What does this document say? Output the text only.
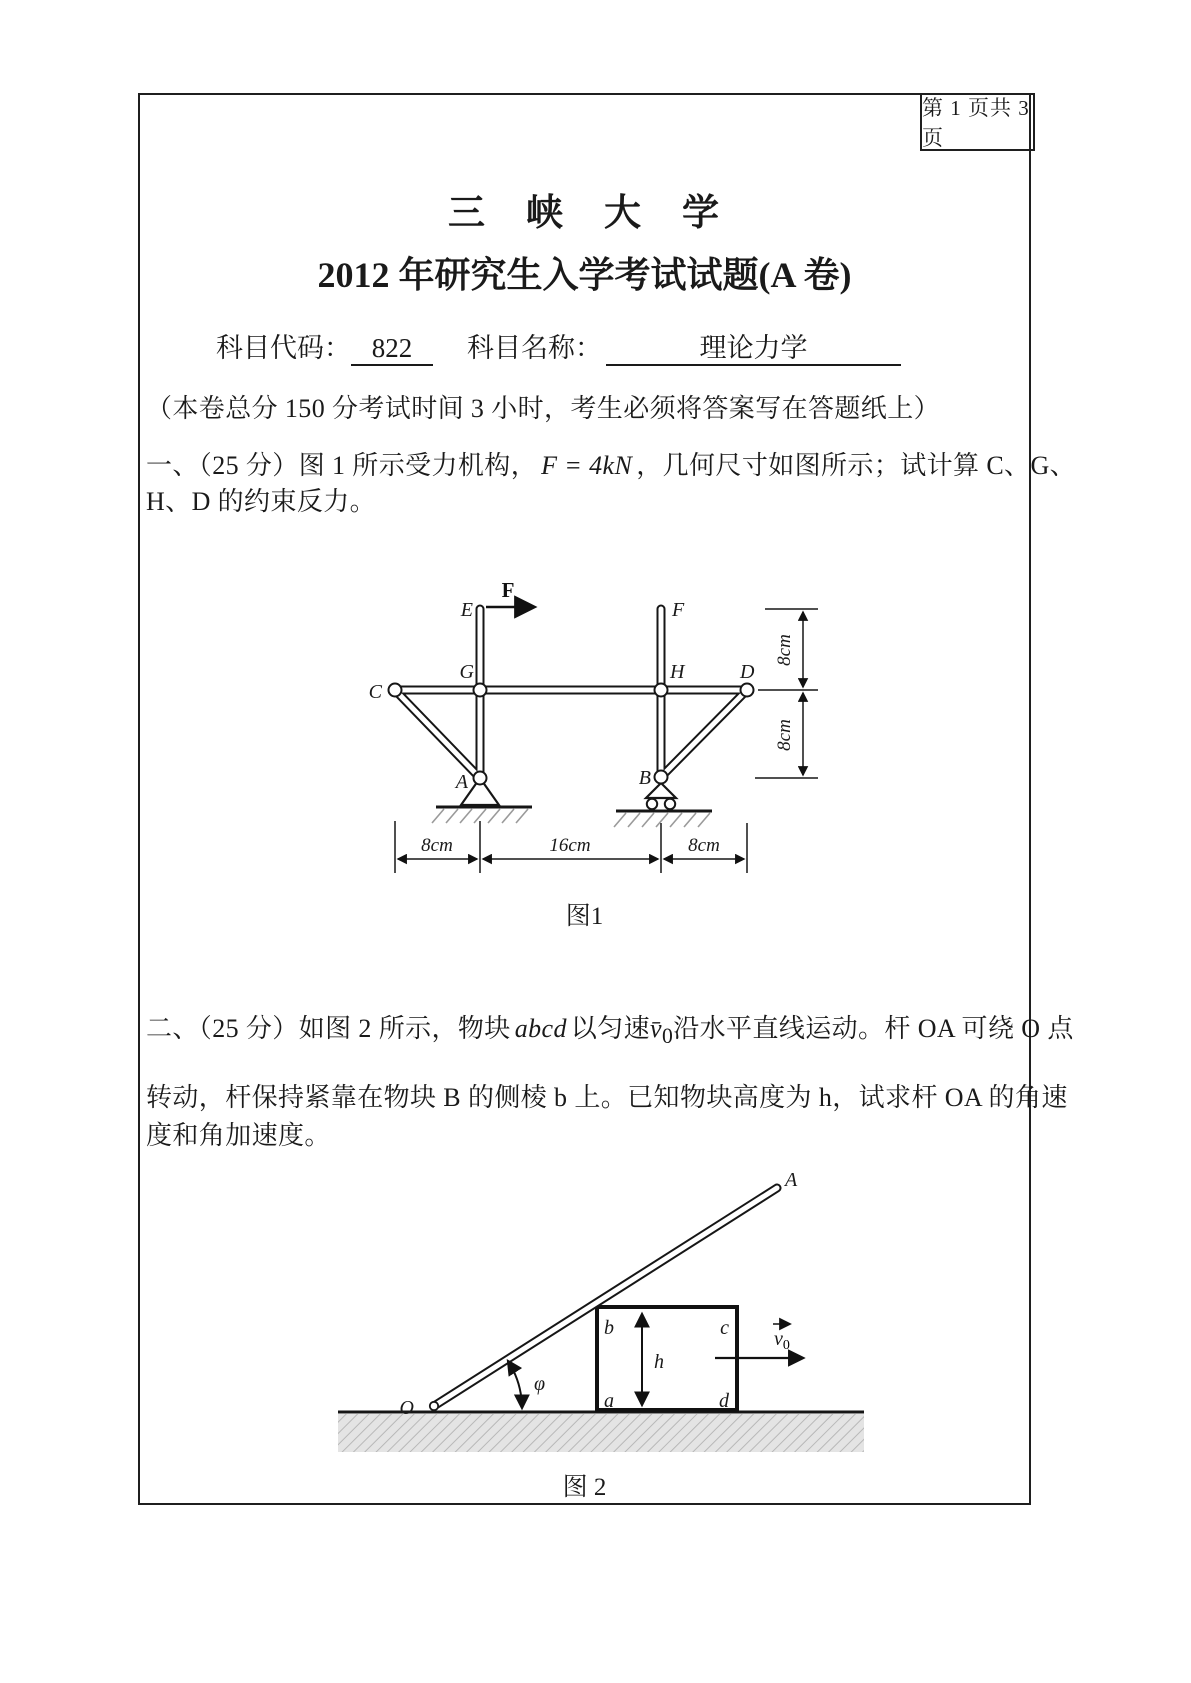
第 1 页共 3 页
三　峡　大　学
2012 年研究生入学考试试题(A 卷)
科目代码： 822 科目名称：	理论力学

（本卷总分 150 分考试时间 3 小时，考生必须将答案写在答题纸上）

一、（25 分）图 1 所示受力机构， F = 4kN ，几何尺寸如图所示；试计算 C、G、

H、D 的约束反力。

F
E	F
G	H	D
C
A	B
8cm
8cm
8cm	16cm	8cm
图1

二、（25 分）如图 2 所示，物块 abcd 以匀速$v̄_0$沿水平直线运动。杆 OA 可绕 O 点

转动，杆保持紧靠在物块 B 的侧棱 b 上。已知物块高度为 h，试求杆 OA 的角速

度和角加速度。

φ
h
v0
O
A
b	c
a	d
图 2
